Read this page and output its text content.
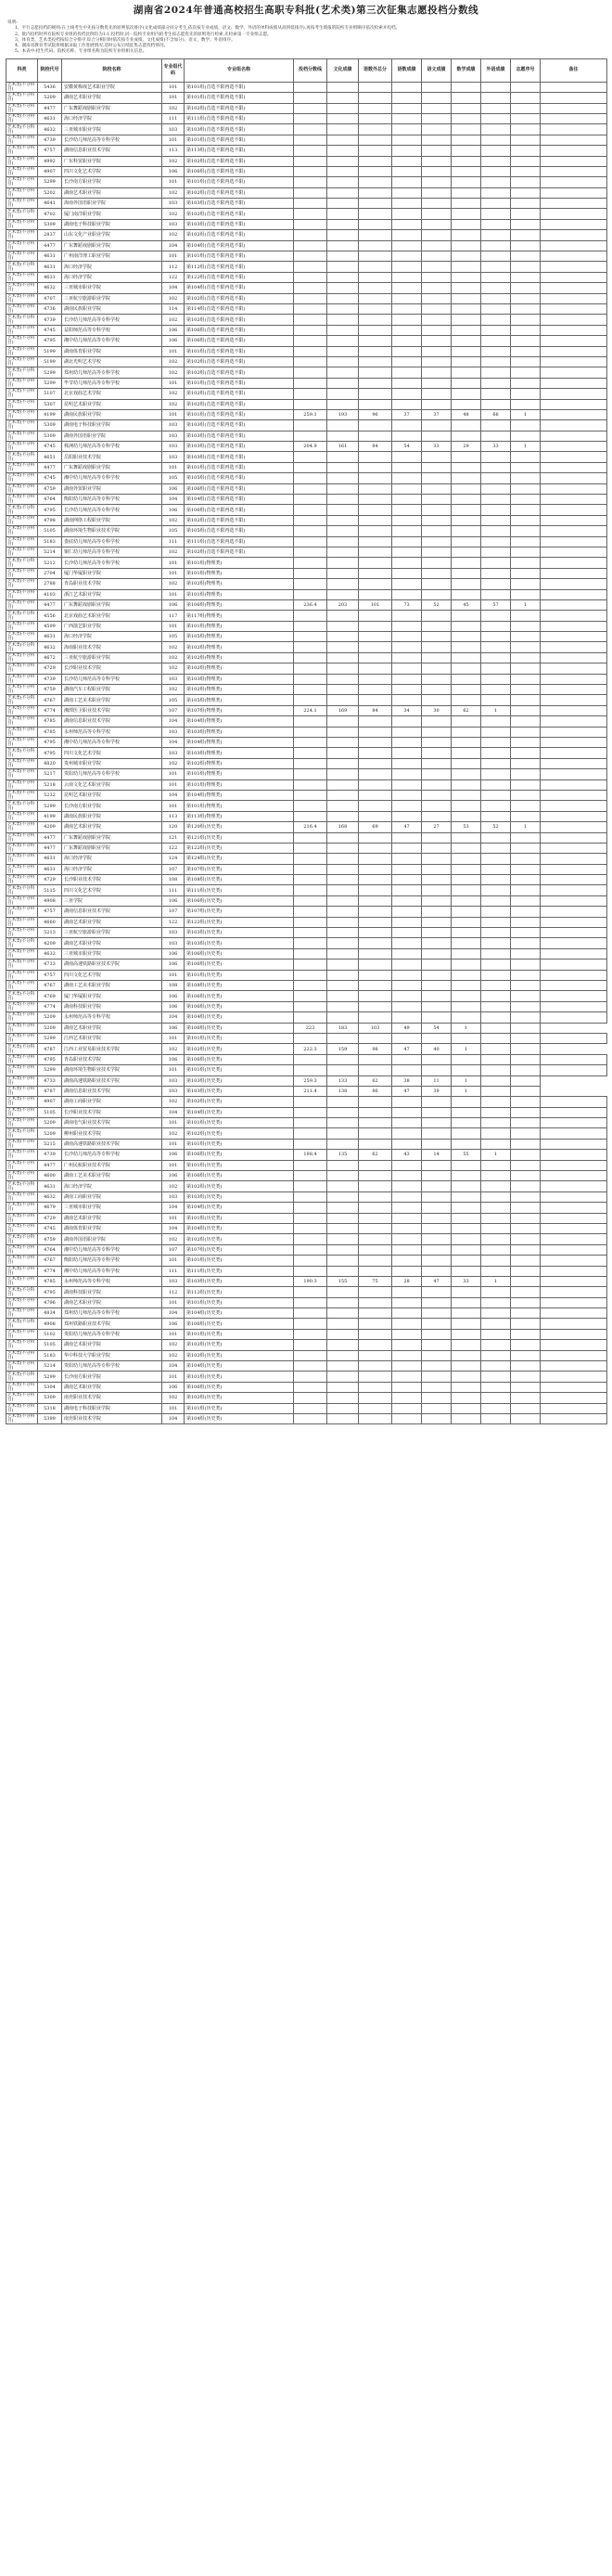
湖南省2024年普通高校招生高职专科批(艺术类)第三次征集志愿投档分数线

说明:

1、平行志愿投档的规则:在上线考生中先按分数优先的原则依次排序(文化成绩部分同分考生,依次按专业成绩、语文、数学、外语的单科成绩从高到低排序),再按考生填报的院校专业组顺序依次检索并投档。

2、批内投档时所有院校专业组的投档比例均为1:1;投档时,同一院校专业组内的考生按志愿优先的原则进行检索,先检索第一专业组志愿。

3、体育类、艺术类投档按综合分排序,综合分相同时依次按专业成绩、文化成绩(不含加分)、语文、数学、外语排序。

4、湖南省教育考试院将根据录取工作进展情况,适时公布后续征集志愿投档情况。

5、本表中:招生代码、院校名称、专业组名称为院校专业组相关信息。

科类	院校代号	院校名称	专业组代码	专业组名称	投档分数线	文化成绩	语数外总分	语数成绩	语文成绩	数学成绩	外语成绩	志愿序号	备注
艺术类(不分科目)	5436	安徽黄梅戏艺术职业学院	101	第101组(首选不限再选不限)									
艺术类(不分科目)	5209	湖南艺术职业学院	101	第101组(首选不限再选不限)									
艺术类(不分科目)	4477	广东舞蹈戏剧职业学院	102	第102组(首选不限再选不限)									
艺术类(不分科目)	4631	海口经济学院	111	第111组(首选不限再选不限)									
艺术类(不分科目)	4632	三亚城市职业学院	103	第103组(首选不限再选不限)									
艺术类(不分科目)	4739	长沙幼儿师范高等专科学校	101	第101组(首选不限再选不限)									
艺术类(不分科目)	4757	湖南信息职业技术学院	113	第113组(首选不限再选不限)									
艺术类(不分科目)	4992	广东科贸职业学院	102	第102组(首选不限再选不限)									
艺术类(不分科目)	4907	四川文化艺术学院	106	第106组(首选不限再选不限)									
艺术类(不分科目)	5299	长沙南方职业学院	101	第101组(首选不限再选不限)									
艺术类(不分科目)	5202	湖南艺术职业学院	102	第102组(首选不限再选不限)									
艺术类(不分科目)	4641	海南外国语职业学院	103	第103组(首选不限再选不限)									
艺术类(不分科目)	4702	厦门南洋职业学院	102	第102组(首选不限再选不限)									
艺术类(不分科目)	5309	湖南电子科技职业学院	103	第103组(首选不限再选不限)									
艺术类(不分科目)	2837	山东文化产业职业学院	102	第102组(首选不限再选不限)									
艺术类(不分科目)	4477	广东舞蹈戏剧职业学院	104	第104组(首选不限再选不限)									
艺术类(不分科目)	4631	广州南洋理工职业学院	101	第101组(首选不限再选不限)									
艺术类(不分科目)	4631	海口经济学院	112	第112组(首选不限再选不限)									
艺术类(不分科目)	4631	海口经济学院	122	第122组(首选不限再选不限)									
艺术类(不分科目)	4632	三亚城市职业学院	104	第104组(首选不限再选不限)									
艺术类(不分科目)	4707	三亚航空旅游职业学院	102	第102组(首选不限再选不限)									
艺术类(不分科目)	4736	湖南民族职业学院	114	第114组(首选不限再选不限)									
艺术类(不分科目)	4739	长沙幼儿师范高等专科学校	102	第102组(首选不限再选不限)									
艺术类(不分科目)	4745	益阳师范高等专科学校	106	第106组(首选不限再选不限)									
艺术类(不分科目)	4795	湘中幼儿师范高等专科学校	106	第106组(首选不限再选不限)									
艺术类(不分科目)	5199	湖南体育职业学院	101	第101组(首选不限再选不限)									
艺术类(不分科目)	5199	湖北光明艺术学校	102	第102组(首选不限再选不限)									
艺术类(不分科目)	5299	郑州幼儿师范高等专科学校	102	第102组(首选不限再选不限)									
艺术类(不分科目)	5299	毕节幼儿师范高等专科学校	101	第101组(首选不限再选不限)									
艺术类(不分科目)	5107	北京戏曲艺术学院	102	第102组(首选不限再选不限)									
艺术类(不分科目)	5307	昆明艺术职业学院	102	第102组(首选不限再选不限)									
艺术类(不分科目)	4199	湖南民族职业学院	101	第101组(首选不限再选不限)	259.1	193	96	37	37	48	66	1	
艺术类(不分科目)	5309	湖南电子科技职业学院	103	第103组(首选不限再选不限)									
艺术类(不分科目)	5309	湖南外国语职业学院	103	第103组(首选不限再选不限)									
艺术类(不分科目)	4745	株洲幼儿师范高等专科学校	103	第103组(首选不限再选不限)	204.9	161	84	54	33	29	33	1	
艺术类(不分科目)	4651	岳阳职业技术学院	103	第103组(首选不限再选不限)									
艺术类(不分科目)	4477	广东舞蹈戏剧职业学院	101	第101组(首选不限再选不限)									
艺术类(不分科目)	4745	湘中幼儿师范高等专科学校	105	第105组(首选不限再选不限)									
艺术类(不分科目)	4759	湖南外贸职业学院	106	第106组(首选不限再选不限)									
艺术类(不分科目)	4764	衡阳幼儿师范高等专科学校	104	第104组(首选不限再选不限)									
艺术类(不分科目)	4795	长沙幼儿师范高等专科学校	106	第106组(首选不限再选不限)									
艺术类(不分科目)	4798	湖南网络工程职业学院	102	第102组(首选不限再选不限)									
艺术类(不分科目)	5105	湖南环境生物职业技术学院	105	第105组(首选不限再选不限)									
艺术类(不分科目)	5183	娄底幼儿师范高等专科学校	111	第111组(首选不限再选不限)									
艺术类(不分科目)	5214	铜仁幼儿师范高等专科学校	102	第102组(首选不限再选不限)									
艺术类(不分科目)	5212	长沙幼儿师范高等专科学校	101	第101组(物理类)									
艺术类(不分科目)	2704	厦门华厦职业学院	101	第101组(物理类)									
艺术类(不分科目)	2788	青岛职业技术学院	102	第102组(物理类)									
艺术类(不分科目)	4103	浙江艺术职业学院	101	第101组(物理类)									
艺术类(不分科目)	4477	广东舞蹈戏剧职业学院	106	第106组(物理类)	236.4	203	101	73	52	45	57	1	
艺术类(不分科目)	4556	北京戏曲艺术职业学院	117	第117组(物理类)									
艺术类(不分科目)	4599	广西演艺职业学院	101	第101组(物理类)									
艺术类(不分科目)	4631	海口经济学院	105	第105组(物理类)									
艺术类(不分科目)	4632	海南职业技术学院	102	第102组(物理类)									
艺术类(不分科目)	4672	三亚航空旅游职业学院	102	第102组(物理类)									
艺术类(不分科目)	4729	长沙职业技术学院	102	第102组(物理类)									
艺术类(不分科目)	4739	长沙幼儿师范高等专科学校	103	第103组(物理类)									
艺术类(不分科目)	4759	湖南汽车工程职业学院	102	第102组(物理类)									
艺术类(不分科目)	4767	湖南工艺美术职业学院	105	第105组(物理类)									
艺术类(不分科目)	4774	湘潭医卫职业技术学院	107	第107组(物理类)	224.1	169	84	34	30	62	1		
艺术类(不分科目)	4785	湖南信息职业技术学院	104	第104组(物理类)									
艺术类(不分科目)	4785	永州师范高等专科学校	103	第103组(物理类)									
艺术类(不分科目)	4795	湘中幼儿师范高等专科学校	104	第104组(物理类)									
艺术类(不分科目)	4795	四川文化艺术学院	103	第103组(物理类)									
艺术类(不分科目)	4820	贵州城市职业学院	102	第102组(物理类)									
艺术类(不分科目)	5217	贵阳幼儿师范高等专科学校	101	第101组(物理类)									
艺术类(不分科目)	5218	云南文化艺术职业学院	101	第101组(物理类)									
艺术类(不分科目)	5232	昆明艺术职业学院	104	第104组(物理类)									
艺术类(不分科目)	5299	长沙南方职业学院	101	第101组(物理类)									
艺术类(不分科目)	4199	湖南民族职业学院	113	第113组(物理类)									
艺术类(不分科目)	4209	湖南艺术职业学院	120	第120组(历史类)	216.4	168	69	47	27	53	52	1	
艺术类(不分科目)	4477	广东舞蹈戏剧职业学院	121	第121组(历史类)									
艺术类(不分科目)	4477	广东舞蹈戏剧职业学院	122	第122组(历史类)									
艺术类(不分科目)	4631	海口经济学院	124	第124组(历史类)									
艺术类(不分科目)	4631	海口经济学院	107	第107组(历史类)									
艺术类(不分科目)	4729	长沙职业技术学院	108	第108组(历史类)									
艺术类(不分科目)	5115	四川文化艺术学院	111	第111组(历史类)									
艺术类(不分科目)	4908	三亚学院	106	第106组(历史类)									
艺术类(不分科目)	4757	湖南信息职业技术学院	107	第107组(历史类)									
艺术类(不分科目)	4660	湖南艺术职业学院	122	第122组(历史类)									
艺术类(不分科目)	5213	三亚航空旅游职业学院	103	第103组(历史类)									
艺术类(不分科目)	4209	湖南艺术职业学院	103	第103组(历史类)									
艺术类(不分科目)	4632	三亚城市职业学院	106	第106组(历史类)									
艺术类(不分科目)	4733	湖南高速铁路职业技术学院	106	第106组(历史类)									
艺术类(不分科目)	4757	四川文化艺术学院	101	第101组(历史类)									
艺术类(不分科目)	4767	湖南工艺美术职业学院	108	第108组(历史类)									
艺术类(不分科目)	4769	厦门华厦职业学院	106	第106组(历史类)									
艺术类(不分科目)	4774	湖南科技职业学院	106	第106组(历史类)									
艺术类(不分科目)	5209	永州师范高等专科学校	104	第104组(历史类)									
艺术类(不分科目)	5209	湖南艺术职业学院	106	第106组(历史类)	223	183	103	49	54	1			
艺术类(不分科目)	5299	江西艺术职业学院	101	第101组(历史类)									
艺术类(不分科目)	4787	江西工业贸易职业技术学院	102	第102组(历史类)	222.3	159	98	47	40	1			
艺术类(不分科目)	4795	青岛职业技术学院	106	第106组(历史类)									
艺术类(不分科目)	5299	湖南环境生物职业技术学院	101	第101组(历史类)									
艺术类(不分科目)	4733	湖南高速铁路职业技术学院	103	第103组(历史类)	259.3	133	62	38	11	1			
艺术类(不分科目)	4787	湖南信息职业技术学院	103	第103组(历史类)	211.4	138	86	47	39	1			
艺术类(不分科目)	4907	湖南工商职业学院	102	第102组(历史类)									
艺术类(不分科目)	5105	长沙职业技术学院	104	第104组(历史类)									
艺术类(不分科目)	5209	湖南电气职业技术学院	101	第101组(历史类)									
艺术类(不分科目)	5209	柳州职业技术学院	102	第102组(历史类)									
艺术类(不分科目)	5215	湖南高速铁路职业技术学院	101	第101组(历史类)									
艺术类(不分科目)	4739	长沙幼儿师范高等专科学校	106	第106组(历史类)	198.4	135	62	43	14	55	1		
艺术类(不分科目)	4477	广州民航职业技术学院	101	第101组(历史类)									
艺术类(不分科目)	4600	湖南工艺美术职业学院	106	第106组(历史类)									
艺术类(不分科目)	4631	海口经济学院	102	第102组(历史类)									
艺术类(不分科目)	4632	湖南工商职业学院	103	第103组(历史类)									
艺术类(不分科目)	4679	三亚城市职业学院	104	第104组(历史类)									
艺术类(不分科目)	4729	湖南艺术职业学院	101	第101组(历史类)									
艺术类(不分科目)	4745	湖南体育职业学院	104	第104组(历史类)									
艺术类(不分科目)	4759	湖南外国语职业学院	102	第102组(历史类)									
艺术类(不分科目)	4764	湘中幼儿师范高等专科学校	107	第107组(历史类)									
艺术类(不分科目)	4767	衡阳幼儿师范高等专科学校	101	第101组(历史类)									
艺术类(不分科目)	4774	湘中幼儿师范高等专科学校	111	第111组(历史类)									
艺术类(不分科目)	4785	永州师范高等专科学校	103	第103组(历史类)	190.3	155	75	28	47	33	1		
艺术类(不分科目)	4795	湖南科技职业学院	112	第112组(历史类)									
艺术类(不分科目)	4796	湖南艺术职业学院	101	第101组(历史类)									
艺术类(不分科目)	4834	郑州幼儿师范高等专科学校	104	第104组(历史类)									
艺术类(不分科目)	4908	郑州铁路职业技术学院	106	第106组(历史类)									
艺术类(不分科目)	5102	贵阳幼儿师范高等专科学校	101	第101组(历史类)									
艺术类(不分科目)	5105	湖南艺术职业学院	102	第102组(历史类)									
艺术类(不分科目)	5183	华中科技大学职业学院	102	第102组(历史类)									
艺术类(不分科目)	5214	贵阳幼儿师范高等专科学校	104	第104组(历史类)									
艺术类(不分科目)	5299	长沙南方职业学院	101	第101组(历史类)									
艺术类(不分科目)	5304	湖南艺术职业学院	106	第106组(历史类)									
艺术类(不分科目)	5309	南充职业技术学院	102	第102组(历史类)									
艺术类(不分科目)	5318	湖南电子科技职业学院	101	第101组(历史类)									
艺术类(不分科目)	5399	南充职业技术学院	104	第104组(历史类)									
